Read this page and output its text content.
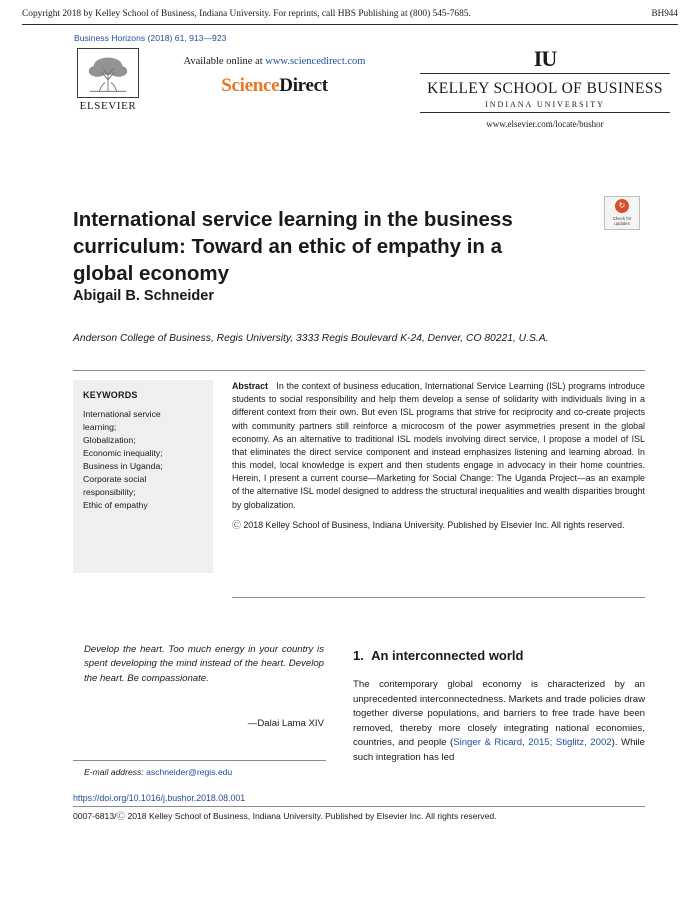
Copyright 2018 by Kelley School of Business, Indiana University. For reprints, call HBS Publishing at (800) 545-7685.	BH944
Business Horizons (2018) 61, 913—923
ELSEVIER
Available online at www.sciencedirect.com
ScienceDirect
IU
KELLEY SCHOOL OF BUSINESS
INDIANA UNIVERSITY
www.elsevier.com/locate/bushor
International service learning in the business curriculum: Toward an ethic of empathy in a global economy
↻
Check for updates
Abigail B. Schneider
Anderson College of Business, Regis University, 3333 Regis Boulevard K-24, Denver, CO 80221, U.S.A.
KEYWORDS
International service
learning;
Globalization;
Economic inequality;
Business in Uganda;
Corporate social
responsibility;
Ethic of empathy

Abstract In the context of business education, International Service Learning (ISL) programs introduce students to social responsibility and help them develop a sense of solidarity with individuals living in a different context from their own. But even ISL programs that strive for reciprocity and co-create projects with community partners still reinforce a microcosm of the power asymmetries present in the global economy. As an alternative to traditional ISL models involving direct service, I propose a model of ISL that eliminates the direct service component and instead emphasizes listening and learning abroad. In this model, local knowledge is expert and then students engage in advocacy in their home countries. Herein, I present a current course—Marketing for Social Change: The Uganda Project—as an example of the alternative ISL model designed to address the structural inequalities and wealth disparities brought by globalization.

Ⓒ 2018 Kelley School of Business, Indiana University. Published by Elsevier Inc. All rights reserved.

Develop the heart. Too much energy in your country is spent developing the mind instead of the heart. Develop the heart. Be compassionate.
—Dalai Lama XIV
E-mail address: aschneider@regis.edu
1. An interconnected world
The contemporary global economy is characterized by an unprecedented interconnectedness. Markets and trade policies draw together diverse populations, and barriers to free trade have been removed, thereby more closely integrating national economies, countries, and people (Singer & Ricard, 2015; Stiglitz, 2002). While such integration has led
https://doi.org/10.1016/j.bushor.2018.08.001
0007-6813/Ⓒ 2018 Kelley School of Business, Indiana University. Published by Elsevier Inc. All rights reserved.
